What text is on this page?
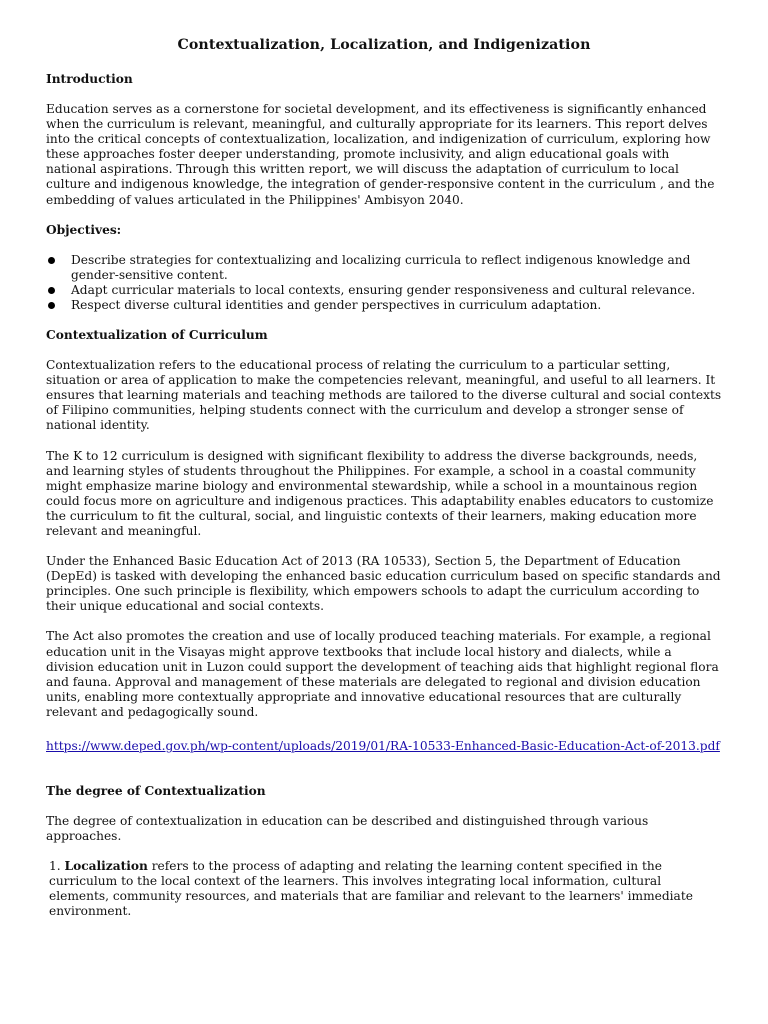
Contextualization, Localization, and Indigenization
Introduction

Education serves as a cornerstone for societal development, and its effectiveness is significantly enhanced when the curriculum is relevant, meaningful, and culturally appropriate for its learners. This report delves into the critical concepts of contextualization, localization, and indigenization of curriculum, exploring how these approaches foster deeper understanding, promote inclusivity, and align educational goals with national aspirations. Through this written report, we will discuss the adaptation of curriculum to local culture and indigenous knowledge, the integration of gender-responsive content in the curriculum , and the embedding of values articulated in the Philippines' Ambisyon 2040.

Objectives:
Describe strategies for contextualizing and localizing curricula to reflect indigenous knowledge and gender-sensitive content.
Adapt curricular materials to local contexts, ensuring gender responsiveness and cultural relevance.
Respect diverse cultural identities and gender perspectives in curriculum adaptation.
Contextualization of Curriculum

Contextualization refers to the educational process of relating the curriculum to a particular setting, situation or area of application to make the competencies relevant, meaningful, and useful to all learners. It ensures that learning materials and teaching methods are tailored to the diverse cultural and social contexts of Filipino communities, helping students connect with the curriculum and develop a stronger sense of national identity.

The K to 12 curriculum is designed with significant flexibility to address the diverse backgrounds, needs, and learning styles of students throughout the Philippines. For example, a school in a coastal community might emphasize marine biology and environmental stewardship, while a school in a mountainous region could focus more on agriculture and indigenous practices. This adaptability enables educators to customize the curriculum to fit the cultural, social, and linguistic contexts of their learners, making education more relevant and meaningful.

Under the Enhanced Basic Education Act of 2013 (RA 10533), Section 5, the Department of Education (DepEd) is tasked with developing the enhanced basic education curriculum based on specific standards and principles. One such principle is flexibility, which empowers schools to adapt the curriculum according to their unique educational and social contexts.

The Act also promotes the creation and use of locally produced teaching materials. For example, a regional education unit in the Visayas might approve textbooks that include local history and dialects, while a division education unit in Luzon could support the development of teaching aids that highlight regional flora and fauna. Approval and management of these materials are delegated to regional and division education units, enabling more contextually appropriate and innovative educational resources that are culturally relevant and pedagogically sound.

https://www.deped.gov.ph/wp-content/uploads/2019/01/RA-10533-Enhanced-Basic-Education-Act-of-2013.pdf
The degree of Contextualization

The degree of contextualization in education can be described and distinguished through various approaches.

1. Localization refers to the process of adapting and relating the learning content specified in the curriculum to the local context of the learners. This involves integrating local information, cultural elements, community resources, and materials that are familiar and relevant to the learners' immediate environment.
